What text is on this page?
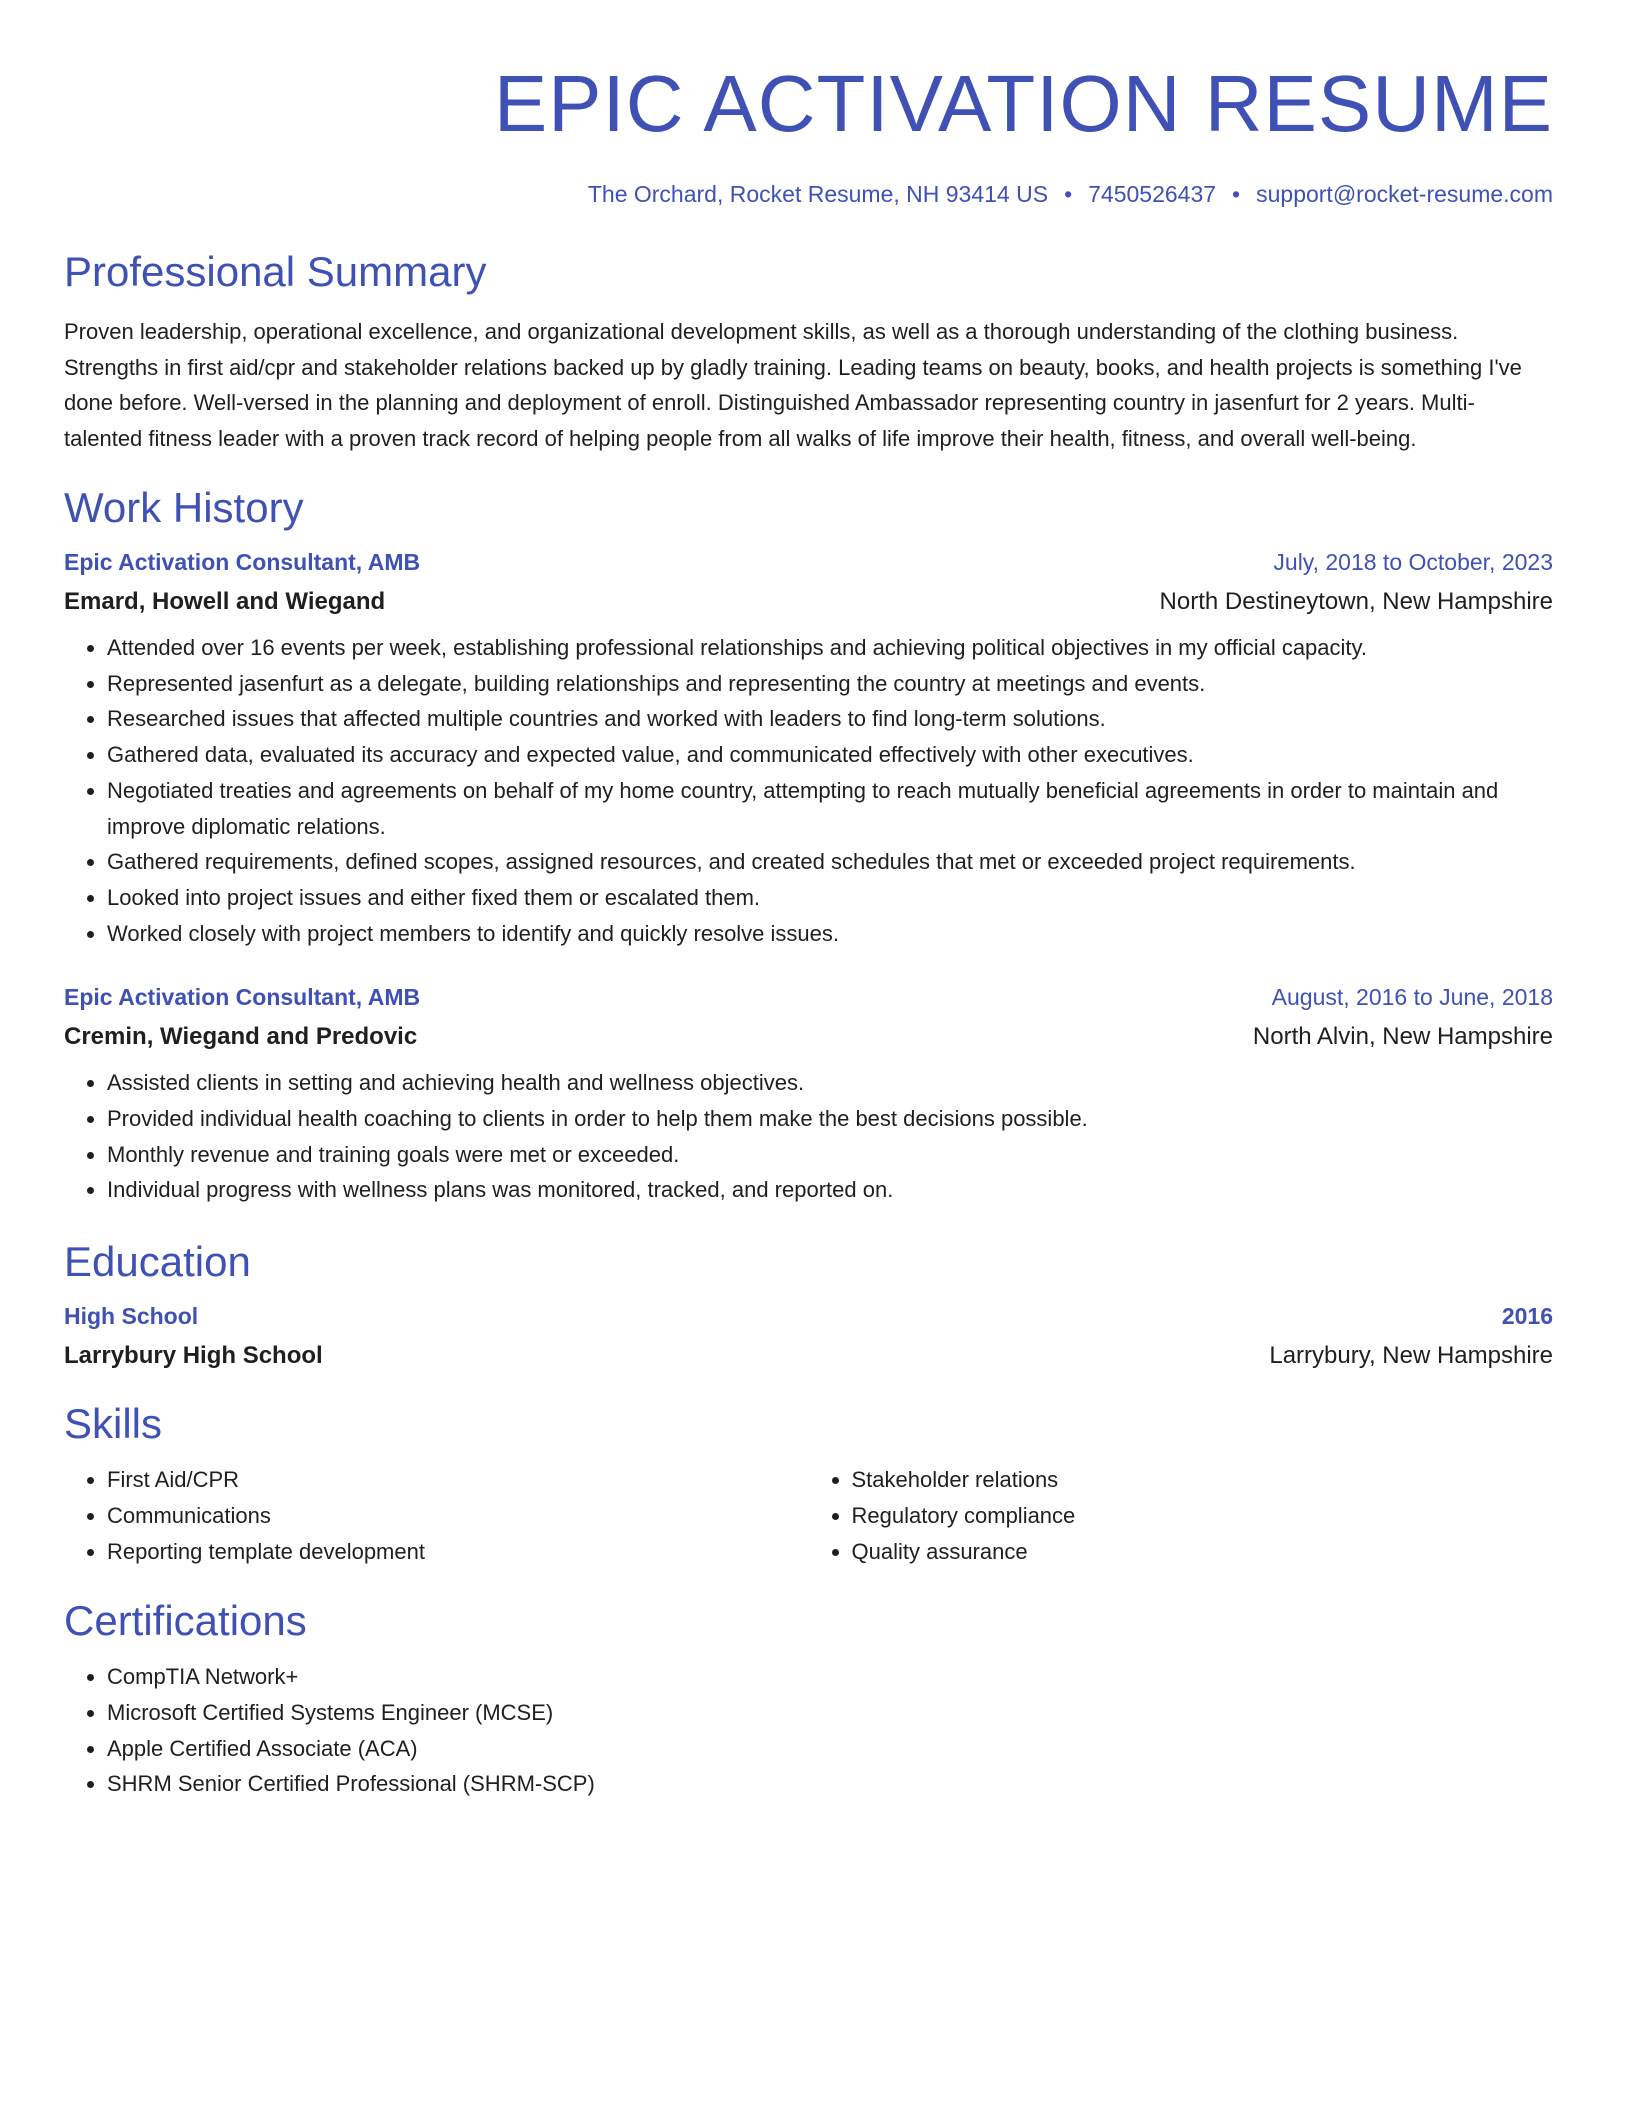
EPIC ACTIVATION RESUME
The Orchard, Rocket Resume, NH 93414 US • 7450526437 • support@rocket-resume.com
Professional Summary

Proven leadership, operational excellence, and organizational development skills, as well as a thorough understanding of the clothing business. Strengths in first aid/cpr and stakeholder relations backed up by gladly training. Leading teams on beauty, books, and health projects is something I've done before. Well-versed in the planning and deployment of enroll. Distinguished Ambassador representing country in jasenfurt for 2 years. Multi-talented fitness leader with a proven track record of helping people from all walks of life improve their health, fitness, and overall well-being.

Work History
Epic Activation Consultant, AMB	July, 2018 to October, 2023
Emard, Howell and Wiegand	North Destineytown, New Hampshire
• Attended over 16 events per week, establishing professional relationships and achieving political objectives in my official capacity.
• Represented jasenfurt as a delegate, building relationships and representing the country at meetings and events.
• Researched issues that affected multiple countries and worked with leaders to find long-term solutions.
• Gathered data, evaluated its accuracy and expected value, and communicated effectively with other executives.
• Negotiated treaties and agreements on behalf of my home country, attempting to reach mutually beneficial agreements in order to maintain and improve diplomatic relations.
• Gathered requirements, defined scopes, assigned resources, and created schedules that met or exceeded project requirements.
• Looked into project issues and either fixed them or escalated them.
• Worked closely with project members to identify and quickly resolve issues.
Epic Activation Consultant, AMB	August, 2016 to June, 2018
Cremin, Wiegand and Predovic	North Alvin, New Hampshire
• Assisted clients in setting and achieving health and wellness objectives.
• Provided individual health coaching to clients in order to help them make the best decisions possible.
• Monthly revenue and training goals were met or exceeded.
• Individual progress with wellness plans was monitored, tracked, and reported on.
Education
High School	2016
Larrybury High School	Larrybury, New Hampshire
Skills
• First Aid/CPR
• Communications
• Reporting template development
• Stakeholder relations
• Regulatory compliance
• Quality assurance
Certifications
• CompTIA Network+
• Microsoft Certified Systems Engineer (MCSE)
• Apple Certified Associate (ACA)
• SHRM Senior Certified Professional (SHRM-SCP)
